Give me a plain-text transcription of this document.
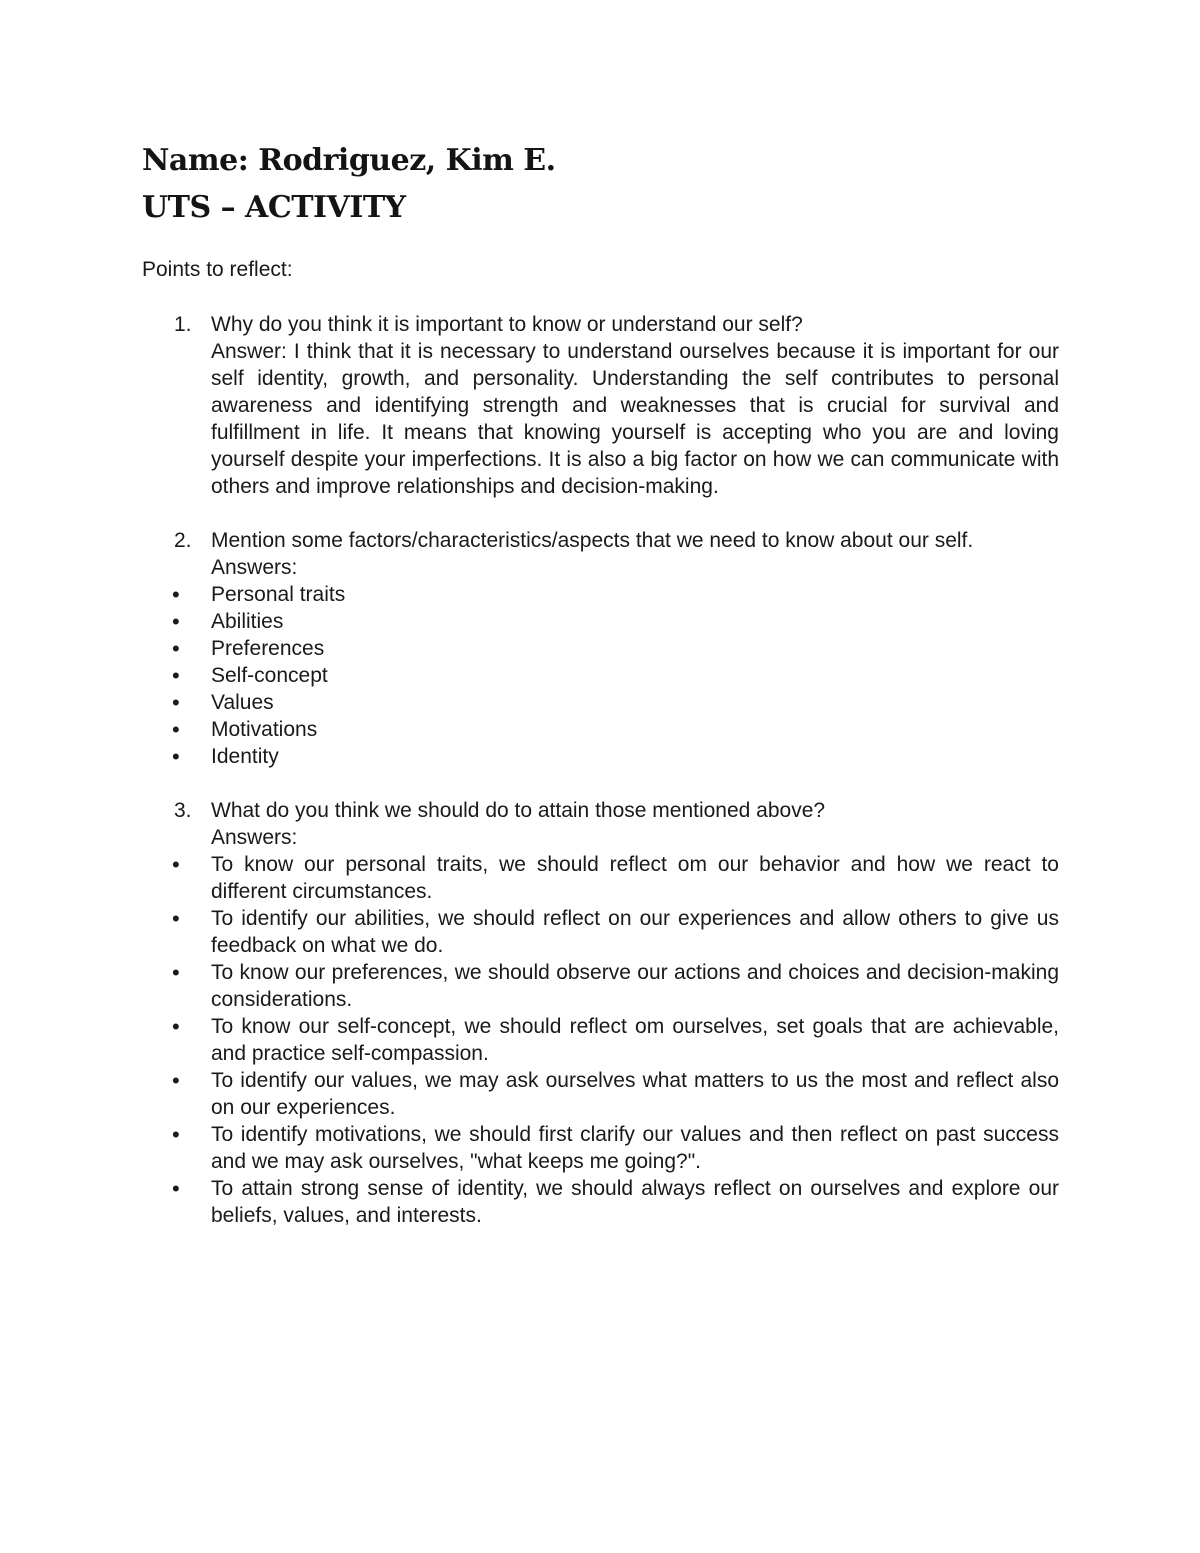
Name: Rodriguez, Kim E.
UTS – ACTIVITY
Points to reflect:
1. Why do you think it is important to know or understand our self?
Answer: I think that it is necessary to understand ourselves because it is important for our self identity, growth, and personality. Understanding the self contributes to personal awareness and identifying strength and weaknesses that is crucial for survival and fulfillment in life. It means that knowing yourself is accepting who you are and loving yourself despite your imperfections. It is also a big factor on how we can communicate with others and improve relationships and decision-making.
2. Mention some factors/characteristics/aspects that we need to know about our self.
Answers:
• Personal traits
• Abilities
• Preferences
• Self-concept
• Values
• Motivations
• Identity
3. What do you think we should do to attain those mentioned above?
Answers:
• To know our personal traits, we should reflect om our behavior and how we react to different circumstances.
• To identify our abilities, we should reflect on our experiences and allow others to give us feedback on what we do.
• To know our preferences, we should observe our actions and choices and decision-making considerations.
• To know our self-concept, we should reflect om ourselves, set goals that are achievable, and practice self-compassion.
• To identify our values, we may ask ourselves what matters to us the most and reflect also on our experiences.
• To identify motivations, we should first clarify our values and then reflect on past success and we may ask ourselves, "what keeps me going?".
• To attain strong sense of identity, we should always reflect on ourselves and explore our beliefs, values, and interests.
